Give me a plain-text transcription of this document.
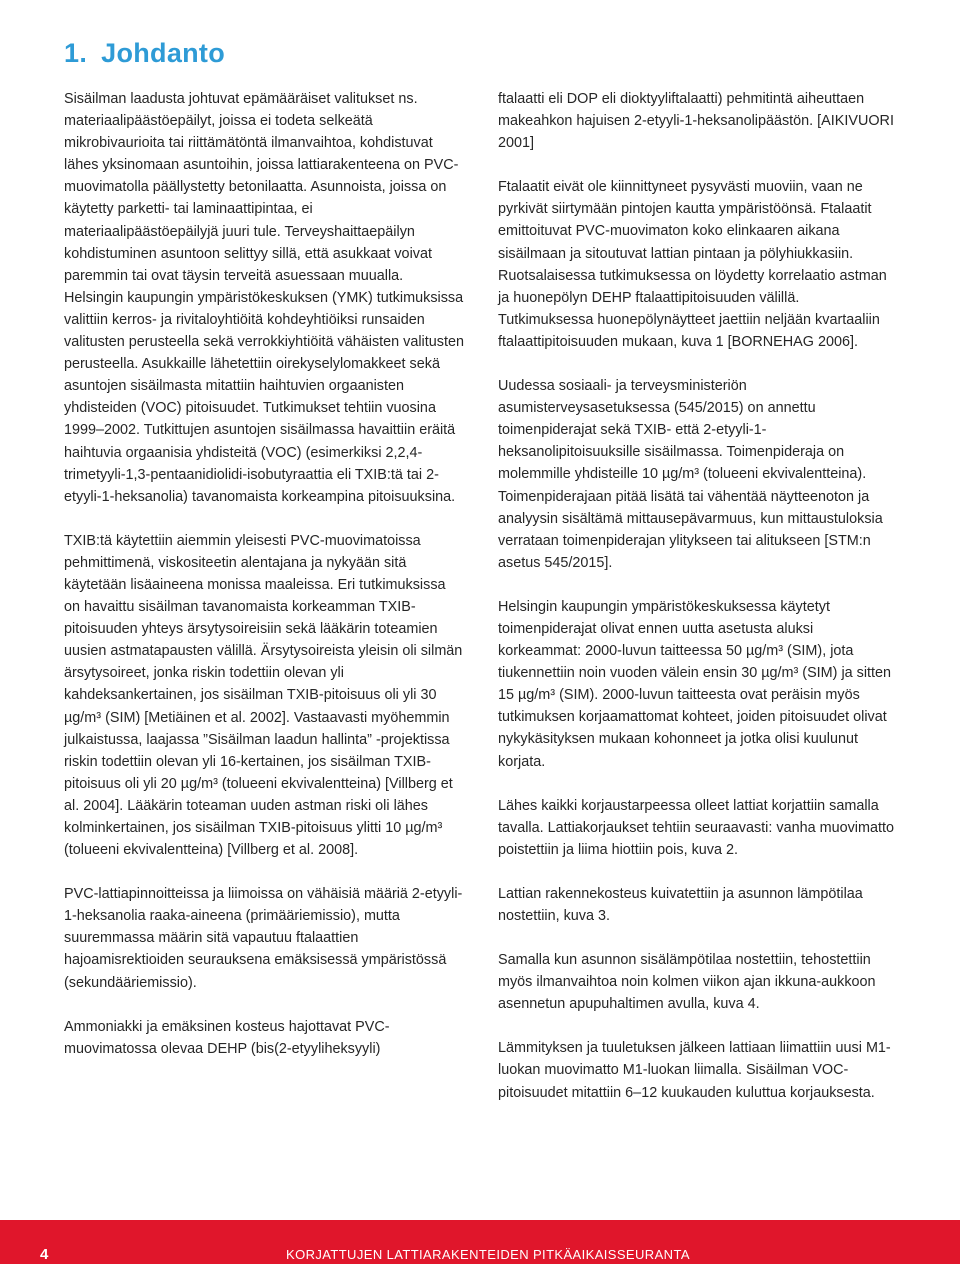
1. Johdanto

Sisäilman laadusta johtuvat epämääräiset valitukset ns. materiaalipäästöepäilyt, joissa ei todeta selkeätä mikrobivaurioita tai riittämätöntä ilmanvaihtoa, kohdistuvat lähes yksinomaan asuntoihin, joissa lattiarakenteena on PVC-muovimatolla päällystetty betonilaatta. Asunnoista, joissa on käytetty parketti- tai laminaattipintaa, ei materiaalipäästöepäilyjä juuri tule. Terveyshaittaepäilyn kohdistuminen asuntoon selittyy sillä, että asukkaat voivat paremmin tai ovat täysin terveitä asuessaan muualla. Helsingin kaupungin ympäristökeskuksen (YMK) tutkimuksissa valittiin kerros- ja rivitaloyhtiöitä kohdeyhtiöiksi runsaiden valitusten perusteella sekä verrokkiyhtiöitä vähäisten valitusten perusteella. Asukkaille lähetettiin oirekyselylomakkeet sekä asuntojen sisäilmasta mitattiin haihtuvien orgaanisten yhdisteiden (VOC) pitoisuudet. Tutkimukset tehtiin vuosina 1999–2002. Tutkittujen asuntojen sisäilmassa havaittiin eräitä haihtuvia orgaanisia yhdisteitä (VOC) (esimerkiksi 2,2,4-trimetyyli-1,3-pentaanidiolidi-isobutyraattia eli TXIB:tä tai 2-etyyli-1-heksanolia) tavanomaista korkeampina pitoisuuksina.

TXIB:tä käytettiin aiemmin yleisesti PVC-muovimatoissa pehmittimenä, viskositeetin alentajana ja nykyään sitä käytetään lisäaineena monissa maaleissa. Eri tutkimuksissa on havaittu sisäilman tavanomaista korkeamman TXIB-pitoisuuden yhteys ärsytysoireisiin sekä lääkärin toteamien uusien astmatapausten välillä. Ärsytysoireista yleisin oli silmän ärsytysoireet, jonka riskin todettiin olevan yli kahdeksankertainen, jos sisäilman TXIB-pitoisuus oli yli 30 µg/m³ (SIM) [Metiäinen et al. 2002]. Vastaavasti myöhemmin julkaistussa, laajassa ”Sisäilman laadun hallinta” -projektissa riskin todettiin olevan yli 16-kertainen, jos sisäilman TXIB-pitoisuus oli yli 20 µg/m³ (tolueeni ekvivalentteina) [Villberg et al. 2004]. Lääkärin toteaman uuden astman riski oli lähes kolminkertainen, jos sisäilman TXIB-pitoisuus ylitti 10 µg/m³ (tolueeni ekvivalentteina) [Villberg et al. 2008].

PVC-lattiapinnoitteissa ja liimoissa on vähäisiä määriä 2-etyyli-1-heksanolia raaka-aineena (primääriemissio), mutta suuremmassa määrin sitä vapautuu ftalaattien hajoamisrektioiden seurauksena emäksisessä ympäristössä (sekundääriemissio).

Ammoniakki ja emäksinen kosteus hajottavat PVC-muovimatossa olevaa DEHP (bis(2-etyyliheksyyli)

ftalaatti eli DOP eli dioktyyliftalaatti) pehmitintä aiheuttaen makeahkon hajuisen 2-etyyli-1-heksanolipäästön. [AIKIVUORI 2001]

Ftalaatit eivät ole kiinnittyneet pysyvästi muoviin, vaan ne pyrkivät siirtymään pintojen kautta ympäristöönsä. Ftalaatit emittoituvat PVC-muovimaton koko elinkaaren aikana sisäilmaan ja sitoutuvat lattian pintaan ja pölyhiukkasiin. Ruotsalaisessa tutkimuksessa on löydetty korrelaatio astman ja huonepölyn DEHP ftalaattipitoisuuden välillä. Tutkimuksessa huonepölynäytteet jaettiin neljään kvartaaliin ftalaattipitoisuuden mukaan, kuva 1 [BORNEHAG 2006].

Uudessa sosiaali- ja terveysministeriön asumisterveysasetuksessa (545/2015) on annettu toimenpiderajat sekä TXIB- että 2-etyyli-1-heksanolipitoisuuksille sisäilmassa. Toimenpideraja on molemmille yhdisteille 10 µg/m³ (tolueeni ekvivalentteina). Toimenpiderajaan pitää lisätä tai vähentää näytteenoton ja analyysin sisältämä mittausepävarmuus, kun mittaustuloksia verrataan toimenpiderajan ylitykseen tai alitukseen [STM:n asetus 545/2015].

Helsingin kaupungin ympäristökeskuksessa käytetyt toimenpiderajat olivat ennen uutta asetusta aluksi korkeammat: 2000-luvun taitteessa 50 µg/m³ (SIM), jota tiukennettiin noin vuoden välein ensin 30 µg/m³ (SIM) ja sitten 15 µg/m³ (SIM). 2000-luvun taitteesta ovat peräisin myös tutkimuksen korjaamattomat kohteet, joiden pitoisuudet olivat nykykäsityksen mukaan kohonneet ja jotka olisi kuulunut korjata.

Lähes kaikki korjaustarpeessa olleet lattiat korjattiin samalla tavalla. Lattiakorjaukset tehtiin seuraavasti: vanha muovimatto poistettiin ja liima hiottiin pois, kuva 2.

Lattian rakennekosteus kuivatettiin ja asunnon lämpötilaa nostettiin, kuva 3.

Samalla kun asunnon sisälämpötilaa nostettiin, tehostettiin myös ilmanvaihtoa noin kolmen viikon ajan ikkuna-aukkoon asennetun apupuhaltimen avulla, kuva 4.

Lämmityksen ja tuuletuksen jälkeen lattiaan liimattiin uusi M1-luokan muovimatto M1-luokan liimalla. Sisäilman VOC-pitoisuudet mitattiin 6–12 kuukauden kuluttua korjauksesta.

4	KORJATTUJEN LATTIARAKENTEIDEN PITKÄAIKAISSEURANTA
